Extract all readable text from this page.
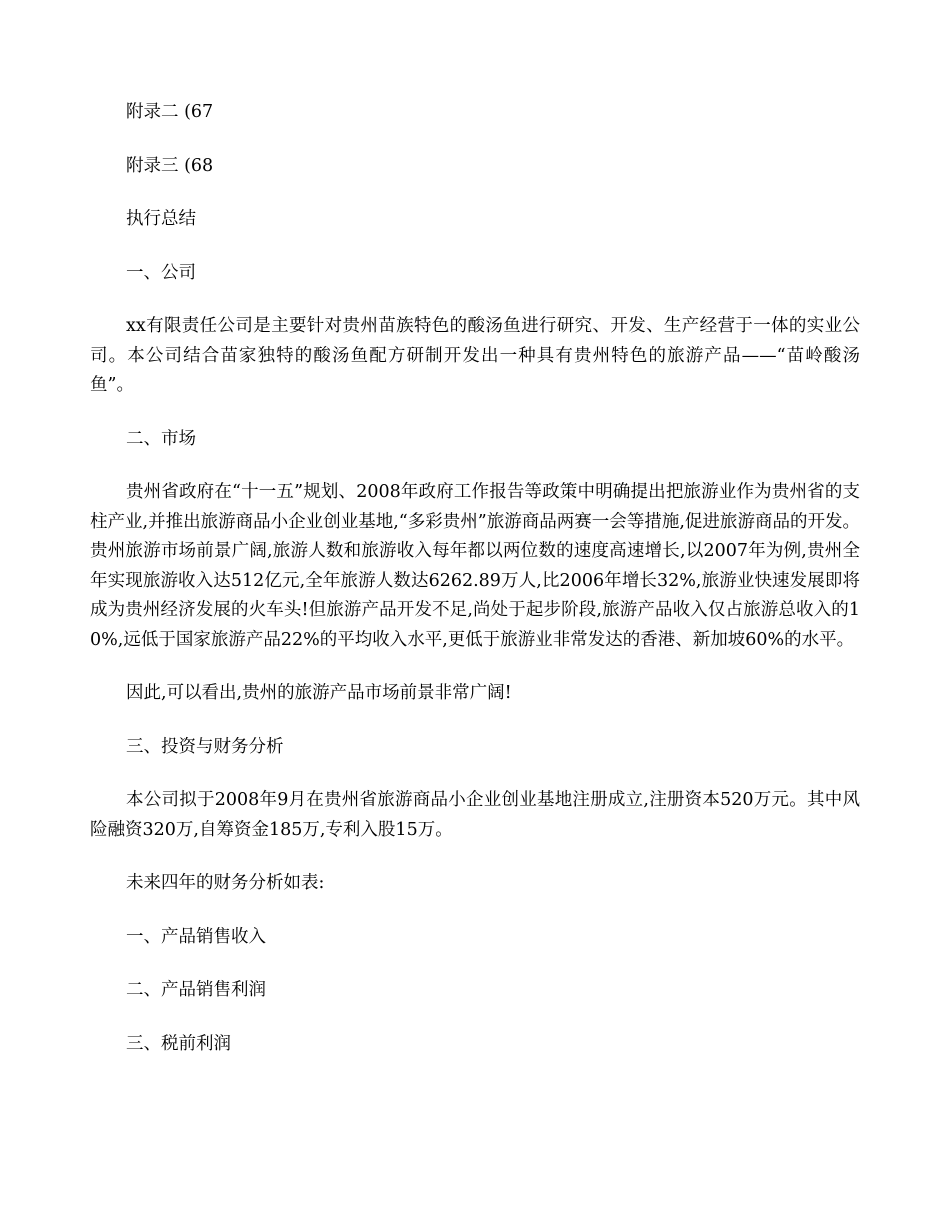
附录二 (67

附录三 (68

执行总结

一、公司

xx有限责任公司是主要针对贵州苗族特色的酸汤鱼进行研究、开发、生产经营于一体的实业公司。本公司结合苗家独特的酸汤鱼配方研制开发出一种具有贵州特色的旅游产品——“苗岭酸汤鱼”。

二、市场

贵州省政府在“十一五”规划、2008年政府工作报告等政策中明确提出把旅游业作为贵州省的支柱产业,并推出旅游商品小企业创业基地,“多彩贵州”旅游商品两赛一会等措施,促进旅游商品的开发。贵州旅游市场前景广阔,旅游人数和旅游收入每年都以两位数的速度高速增长,以2007年为例,贵州全年实现旅游收入达512亿元,全年旅游人数达6262.89万人,比2006年增长32%,旅游业快速发展即将成为贵州经济发展的火车头!但旅游产品开发不足,尚处于起步阶段,旅游产品收入仅占旅游总收入的10%,远低于国家旅游产品22%的平均收入水平,更低于旅游业非常发达的香港、新加坡60%的水平。

因此,可以看出,贵州的旅游产品市场前景非常广阔!

三、投资与财务分析

本公司拟于2008年9月在贵州省旅游商品小企业创业基地注册成立,注册资本520万元。其中风险融资320万,自筹资金185万,专利入股15万。

未来四年的财务分析如表:

一、产品销售收入

二、产品销售利润

三、税前利润
